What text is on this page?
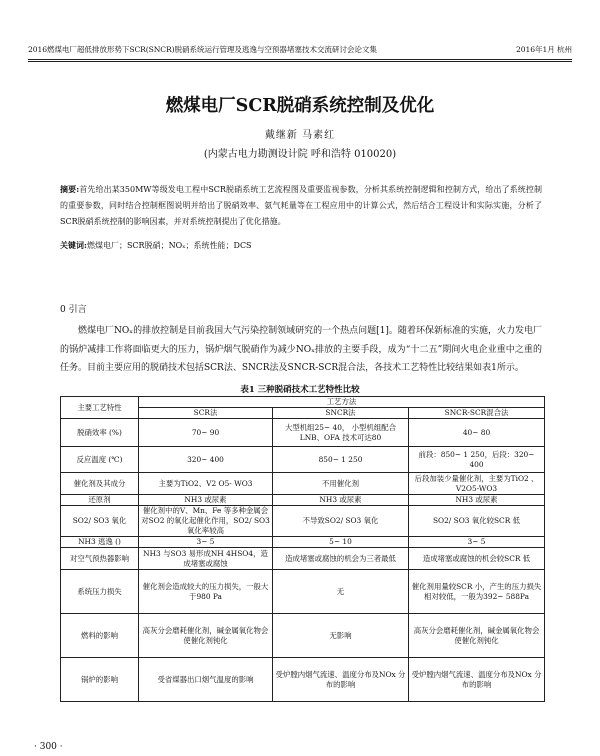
2016燃煤电厂超低排放形势下SCR(SNCR)脱硝系统运行管理及逃逸与空预器堵塞技术交流研讨会论文集	2016年1月 杭州
燃煤电厂SCR脱硝系统控制及优化
戴继新 马素红
(内蒙古电力勘测设计院 呼和浩特 010020)
摘要:首先给出某350MW等级发电工程中SCR脱硝系统工艺流程图及重要监视参数，分析其系统控制逻辑和控制方式，给出了系统控制的重要参数，同时结合控制框图说明并给出了脱硝效率、氨气耗量等在工程应用中的计算公式，然后结合工程设计和实际实施，分析了SCR脱硝系统控制的影响因素，并对系统控制提出了优化措施。
关键词:燃煤电厂；SCR脱硝；NOₓ；系统性能；DCS
0 引言

燃煤电厂NOₓ的排放控制是目前我国大气污染控制领域研究的一个热点问题[1]。随着环保新标准的实施，火力发电厂的锅炉减排工作将面临更大的压力，锅炉烟气脱硝作为减少NOₓ排放的主要手段，成为“十二五”期间火电企业重中之重的任务。目前主要应用的脱硝技术包括SCR法、SNCR法及SNCR-SCR混合法，各技术工艺特性比较结果如表1所示。

表1 三种脱硝技术工艺特性比较
主要工艺特性	工艺方法		
	SCR法	SNCR法	SNCR-SCR混合法
脱硝效率 (%)	70~ 90	大型机组25~ 40， 小型机组配合LNB、OFA 技术可达80	40~ 80
反应温度 (℃)	320~ 400	850~ 1 250	前段：850~ 1 250，后段：320~ 400
催化剂及其成分	主要为TiO2、V2 O5- WO3	不用催化剂	后段加装少量催化剂，主要为TiO2 、V2O5-WO3
还原剂	NH3 或尿素	NH3 或尿素	NH3 或尿素
SO2/ SO3 氧化	催化剂中的V、Mn、Fe 等多种金属会对SO2 的氧化起催化作用，SO2/ SO3 氧化率较高	不导致SO2/ SO3 氧化	SO2/ SO3 氧化较SCR 低
NH3 逃逸 ()	3~ 5	5~ 10	3~ 5
对空气预热器影响	NH3 与SO3 易形成NH 4HSO4，造成堵塞或腐蚀	造成堵塞或腐蚀的机会为三者最低	造成堵塞或腐蚀的机会较SCR 低
系统压力损失	催化剂会造成较大的压力损失，一般大于980 Pa	无	催化剂用量较SCR 小，产生的压力损失相对较低，一般为392~ 588Pa
燃料的影响	高灰分会磨耗催化剂，碱金属氧化物会使催化剂钝化	无影响	高灰分会磨耗催化剂，碱金属氧化物会使催化剂钝化
锅炉的影响	受省煤器出口烟气温度的影响	受炉膛内烟气流速、温度分布及NOx 分布的影响	受炉膛内烟气流速、温度分布及NOx 分布的影响
· 300 ·
